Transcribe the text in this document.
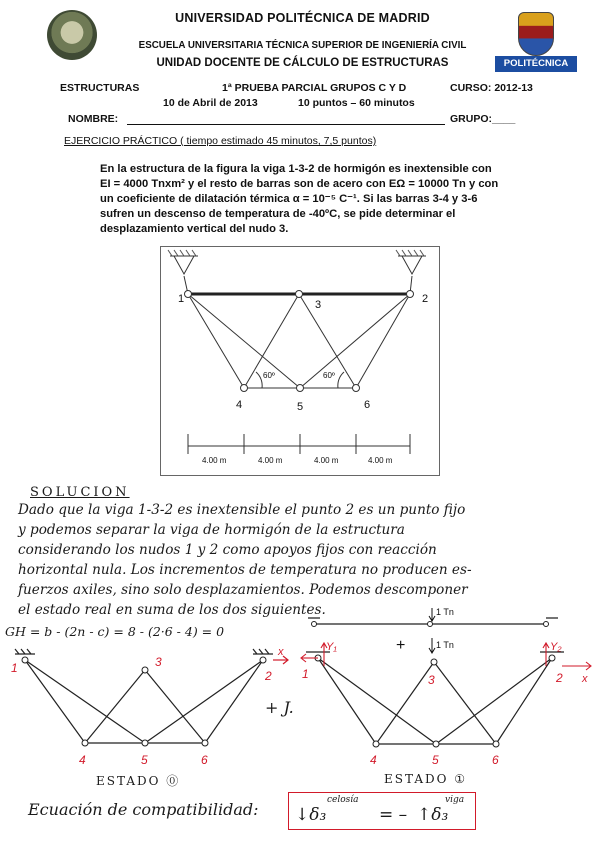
POLITÉCNICA
UNIVERSIDAD POLITÉCNICA DE MADRID
ESCUELA UNIVERSITARIA TÉCNICA SUPERIOR DE INGENIERÍA CIVIL
UNIDAD DOCENTE DE CÁLCULO DE ESTRUCTURAS
ESTRUCTURAS	1ª PRUEBA PARCIAL GRUPOS C Y D	CURSO: 2012-13
10 de Abril de 2013	10 puntos – 60 minutos
NOMBRE:	GRUPO:____
EJERCICIO PRÁCTICO ( tiempo estimado 45 minutos, 7,5 puntos)
En la estructura de la figura la viga 1-3-2 de hormigón es inextensible con
EI = 4000 Tnxm² y el resto de barras son de acero con EΩ = 10000 Tn y con
un coeficiente de dilatación térmica α = 10⁻⁵ C⁻¹. Si las barras 3-4 y 3-6
sufren un descenso de temperatura de -40ºC, se pide determinar el
desplazamiento vertical del nudo 3.
1	3	2
4	5	6
60º	60º
4.00 m	4.00 m	4.00 m	4.00 m
SOLUCION
Dado que la viga 1-3-2 es inextensible el punto 2 es un punto fijo
y podemos separar la viga de hormigón de la estructura
considerando los nudos 1 y 2 como apoyos fijos con reacción
horizontal nula. Los incrementos de temperatura no producen es-
fuerzos axiles, sino solo desplazamientos. Podemos descomponer
el estado real en suma de los dos siguientes.
GH = b - (2n - c) = 8 - (2·6 - 4) = 0
1	3
2
4	5	6
x
+ J.
+
1 Tn
1 Tn
Y₁	Y₂
x
1	3	2
4	5	6
ESTADO ⓪	ESTADO ①
Ecuación de compatibilidad: ↓δ₃
celosía
= – ↑δ₃
viga
